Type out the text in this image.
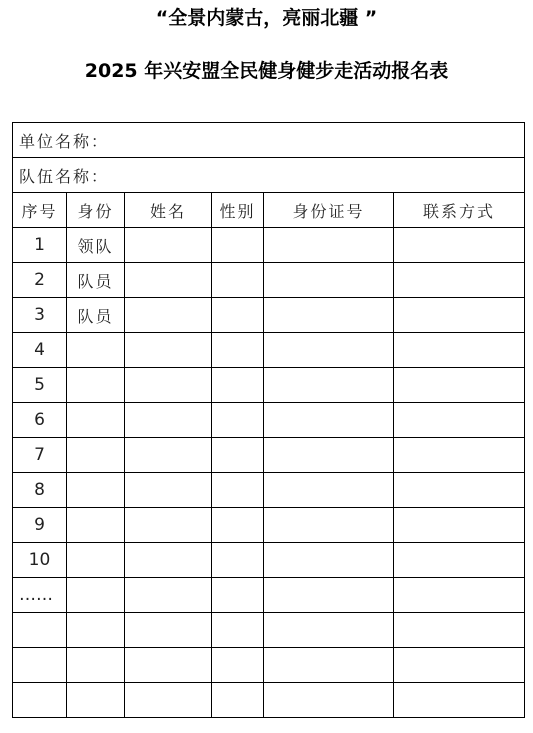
“全景内蒙古，亮丽北疆 ”
2025 年兴安盟全民健身健步走活动报名表
单位名称：					
队伍名称：					
序号	身份	姓名	性别	身份证号	联系方式
1	领队				
2	队员				
3	队员				
4					
5					
6					
7					
8					
9					
10					
……					
